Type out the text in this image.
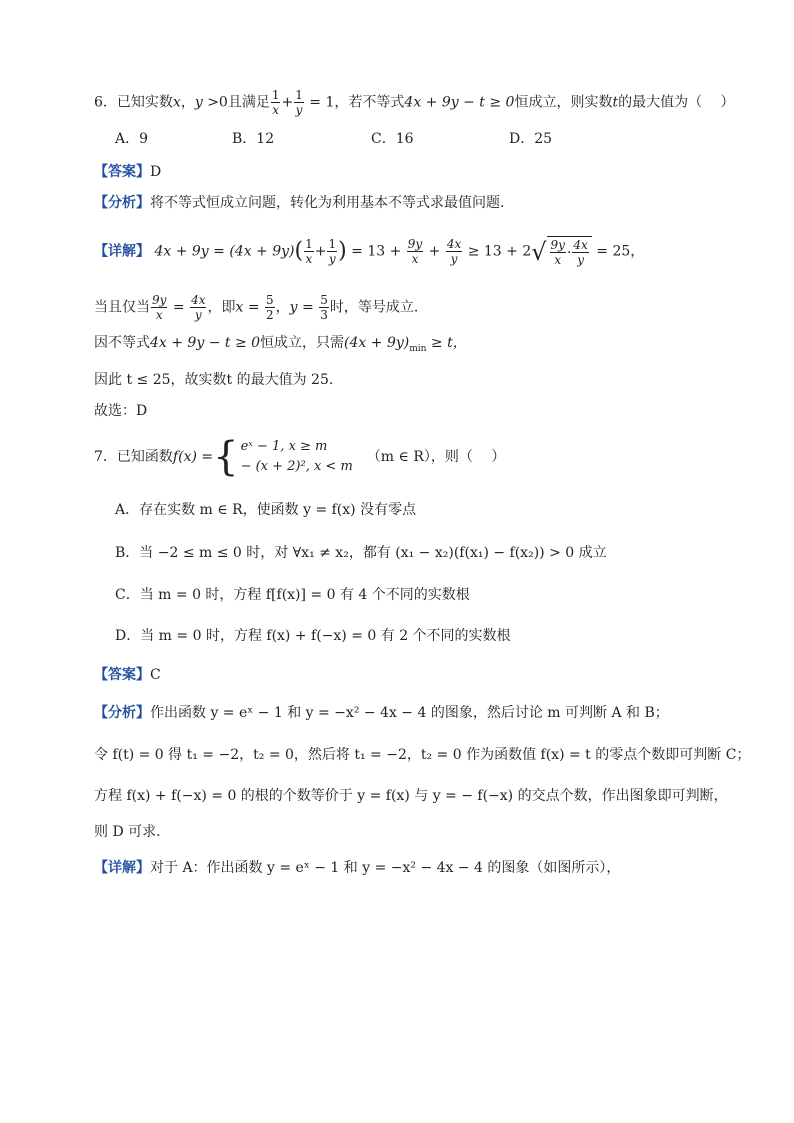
6．已知实数x，y >0且满足 $\frac{1}{x} + \frac{1}{y} = 1$，若不等式4x + 9y − t ≥ 0恒成立，则实数t的最大值为（　 ）
A．9	B．12	C．16	D．25
【答案】D
【分析】将不等式恒成立问题，转化为利用基本不等式求最值问题.
【详解】 $4x + 9y = (4x + 9y)( \frac{1}{x} + \frac{1}{y}$ ) = $13 + \frac{9y}{x} + \frac{4x}{y} \ge 13 + 2$ √ $\frac{9y}{x} \cdot \frac{4x}{y} = 25$，
当且仅当 $\frac{9y}{x} = \frac{4x}{y}$ ，即$x = \frac{5}{2}$ ，$y = \frac{5}{3}$ 时，等号成立.
因不等式4x + 9y − t ≥ 0恒成立，只需$(4x + 9y)_{min} \ge t$，
因此 t ≤ 25，故实数t 的最大值为 25.
故选：D
7．已知函数 f(x) = { eˣ − 1, x ≥ m
− (x + 2)², x < m
（m ∈ R），则（　 ）
A．存在实数 m ∈ R，使函数 y = f(x) 没有零点
B．当 −2 ≤ m ≤ 0 时，对 ∀x₁ ≠ x₂，都有 (x₁ − x₂)(f(x₁) − f(x₂)) > 0 成立
C．当 m = 0 时，方程 f[f(x)] = 0 有 4 个不同的实数根
D．当 m = 0 时，方程 f(x) + f(−x) = 0 有 2 个不同的实数根
【答案】C
【分析】作出函数 y = eˣ − 1 和 y = −x² − 4x − 4 的图象，然后讨论 m 可判断 A 和 B；
令 f(t) = 0 得 t₁ = −2，t₂ = 0，然后将 t₁ = −2，t₂ = 0 作为函数值 f(x) = t 的零点个数即可判断 C；
方程 f(x) + f(−x) = 0 的根的个数等价于 y = f(x) 与 y = − f(−x) 的交点个数，作出图象即可判断，
则 D 可求.
【详解】对于 A：作出函数 y = eˣ − 1 和 y = −x² − 4x − 4 的图象（如图所示），
